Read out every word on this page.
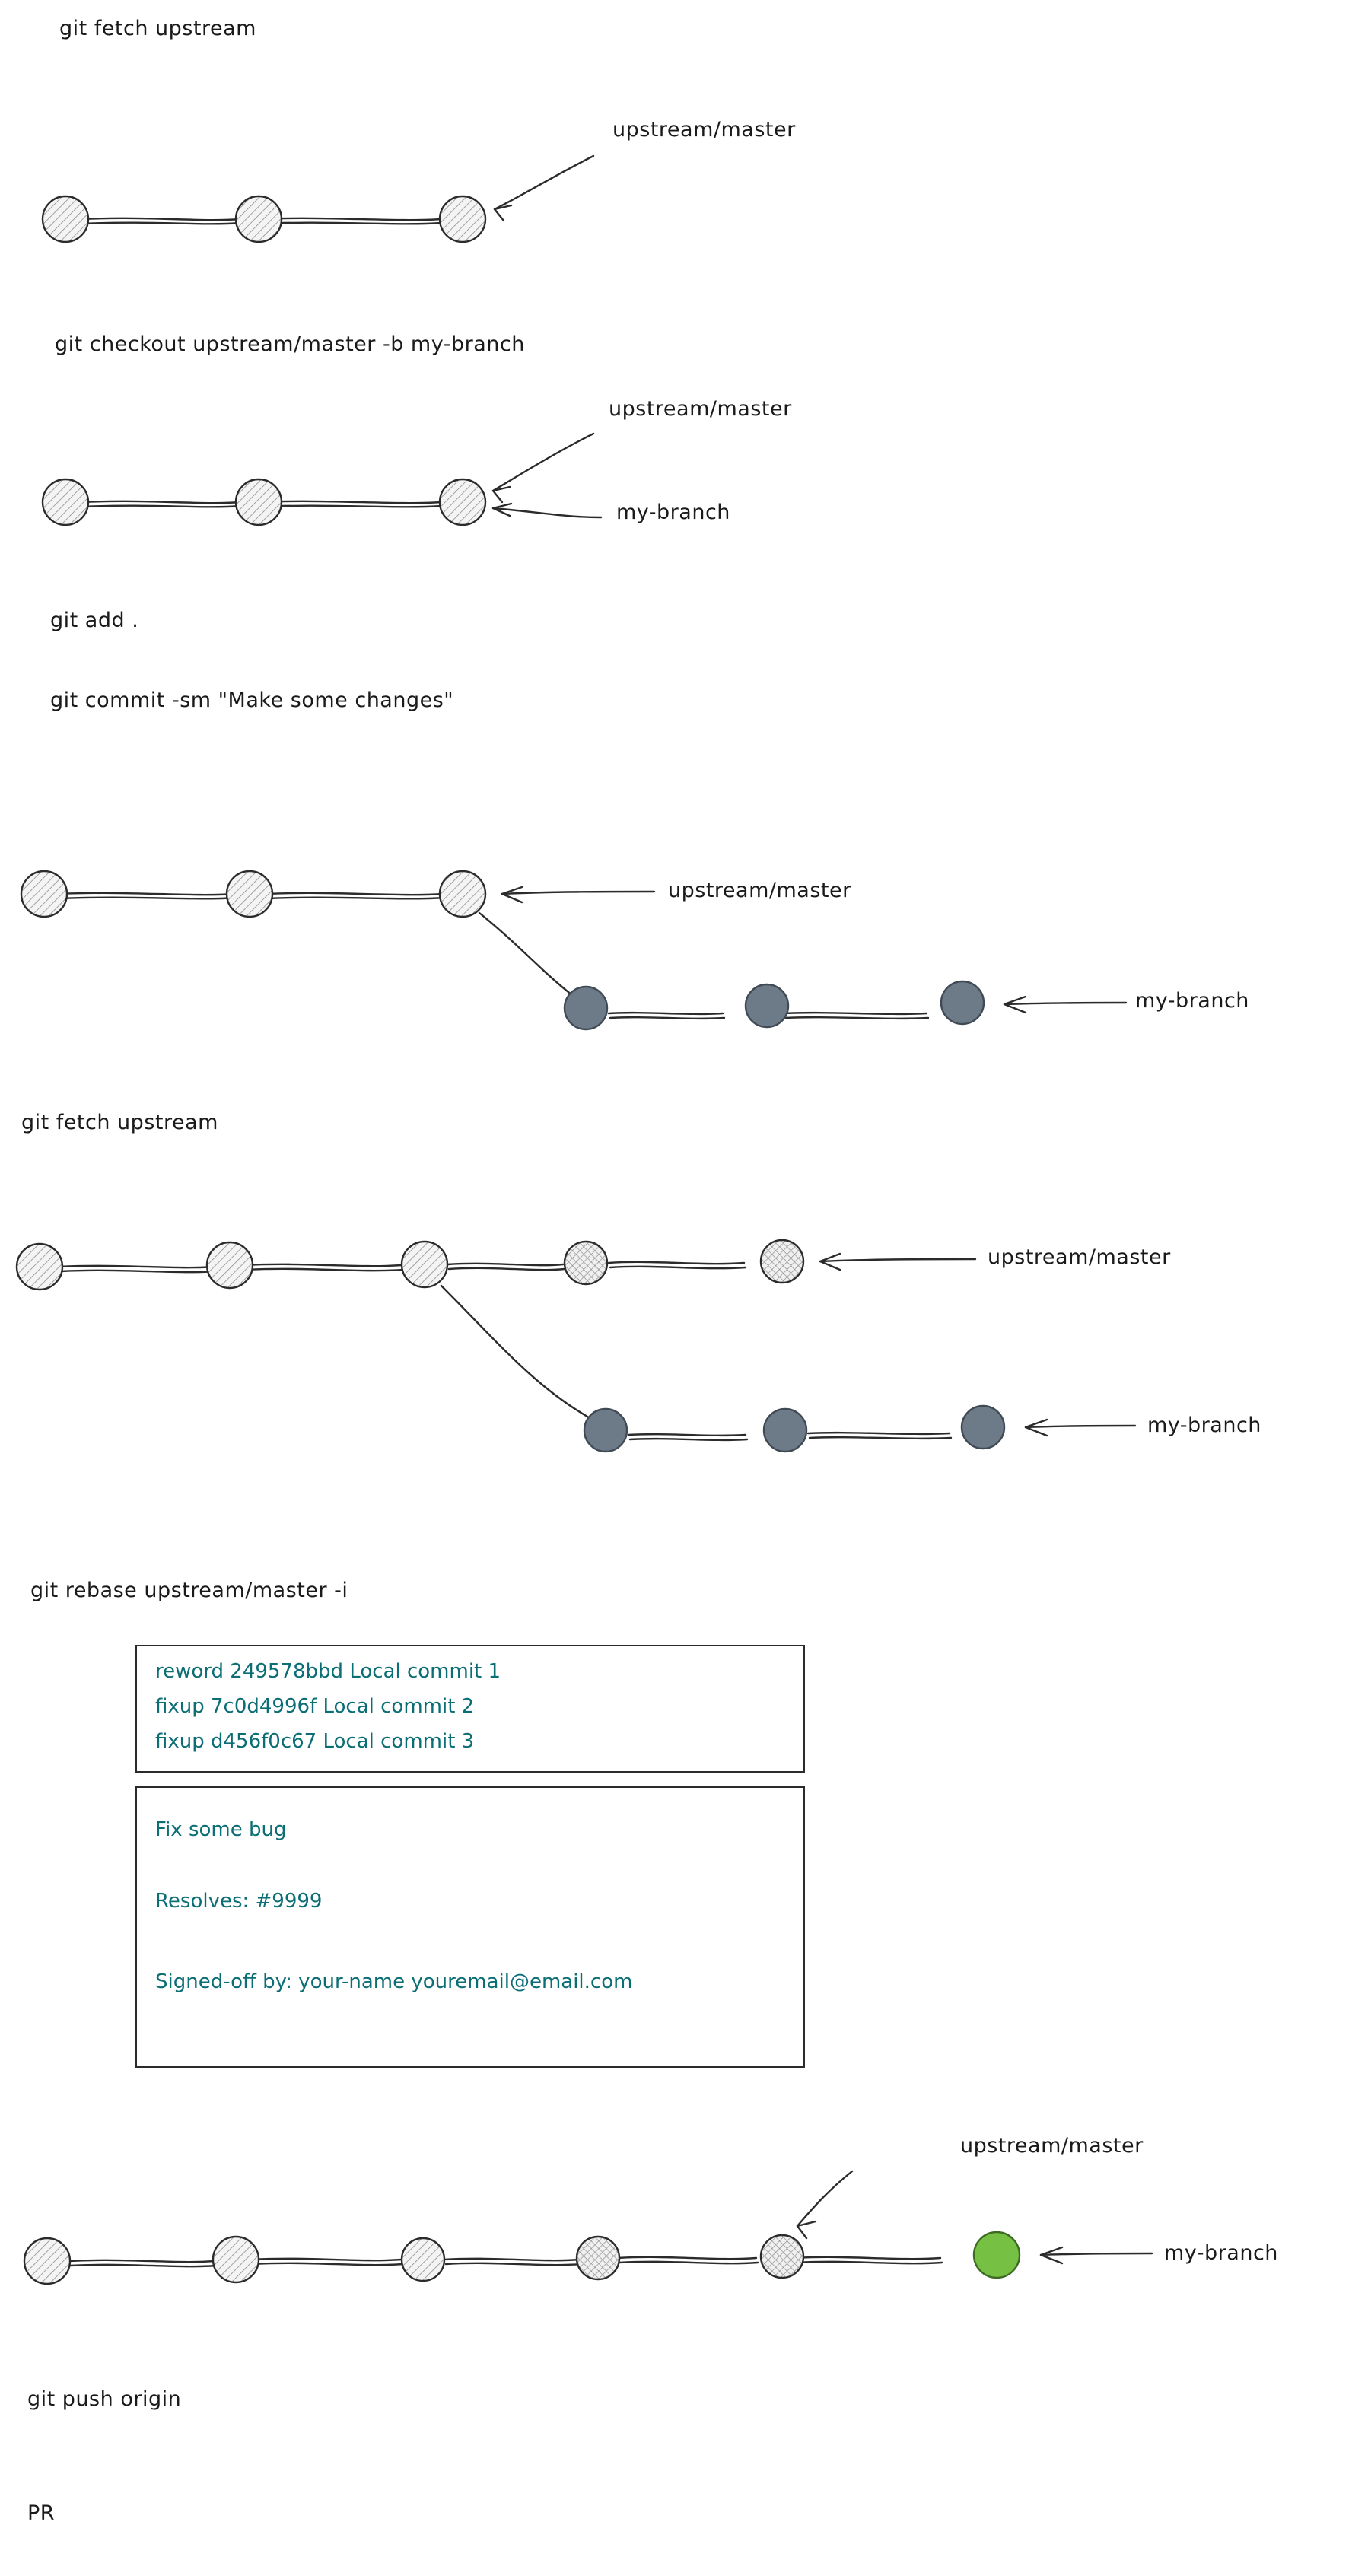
git fetch upstream
upstream/master
git checkout upstream/master -b my-branch
upstream/master
my-branch
git add .
git commit -sm "Make some changes"
upstream/master
my-branch
git fetch upstream
upstream/master
my-branch
git rebase upstream/master -i
reword 249578bbd Local commit 1
fixup 7c0d4996f Local commit 2
fixup d456f0c67 Local commit 3
Fix some bug
Resolves: #9999
Signed-off by: your-name youremail@email.com
upstream/master
my-branch
git push origin
PR
